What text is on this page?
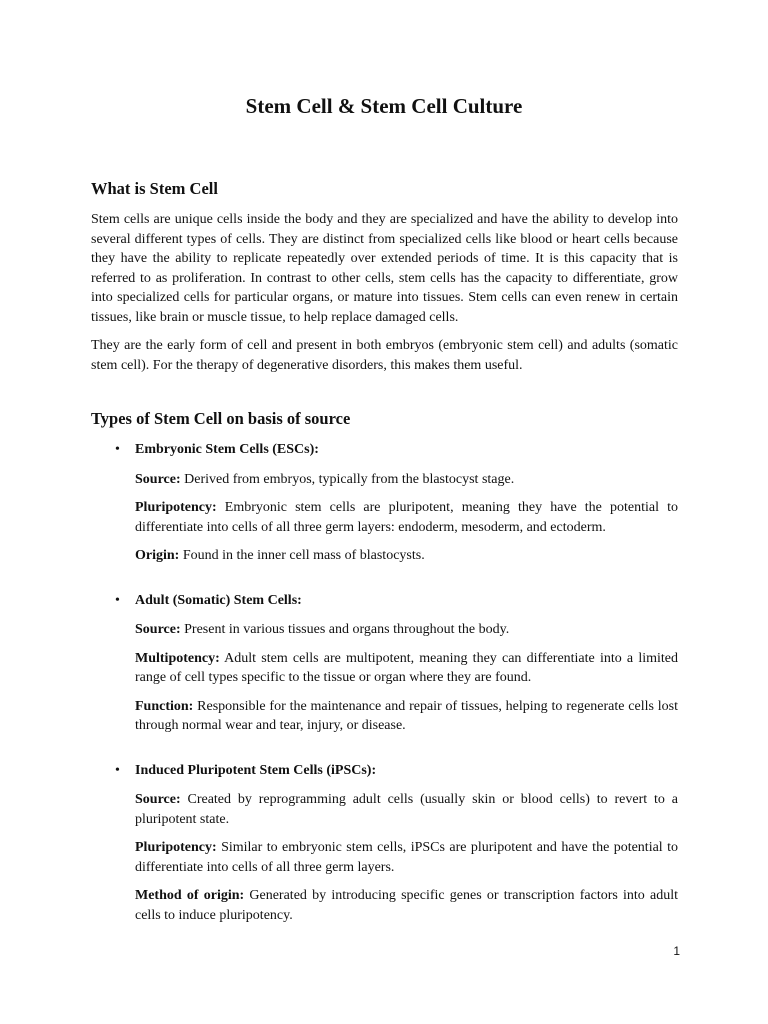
Stem Cell & Stem Cell Culture
What is Stem Cell

Stem cells are unique cells inside the body and they are specialized and have the ability to develop into several different types of cells. They are distinct from specialized cells like blood or heart cells because they have the ability to replicate repeatedly over extended periods of time. It is this capacity that is referred to as proliferation. In contrast to other cells, stem cells has the capacity to differentiate, grow into specialized cells for particular organs, or mature into tissues. Stem cells can even renew in certain tissues, like brain or muscle tissue, to help replace damaged cells.

They are the early form of cell and present in both embryos (embryonic stem cell) and adults (somatic stem cell). For the therapy of degenerative disorders, this makes them useful.

Types of Stem Cell on basis of source
• Embryonic Stem Cells (ESCs):

Source: Derived from embryos, typically from the blastocyst stage.

Pluripotency: Embryonic stem cells are pluripotent, meaning they have the potential to differentiate into cells of all three germ layers: endoderm, mesoderm, and ectoderm.

Origin: Found in the inner cell mass of blastocysts.

• Adult (Somatic) Stem Cells:

Source: Present in various tissues and organs throughout the body.

Multipotency: Adult stem cells are multipotent, meaning they can differentiate into a limited range of cell types specific to the tissue or organ where they are found.

Function: Responsible for the maintenance and repair of tissues, helping to regenerate cells lost through normal wear and tear, injury, or disease.

• Induced Pluripotent Stem Cells (iPSCs):

Source: Created by reprogramming adult cells (usually skin or blood cells) to revert to a pluripotent state.

Pluripotency: Similar to embryonic stem cells, iPSCs are pluripotent and have the potential to differentiate into cells of all three germ layers.

Method of origin: Generated by introducing specific genes or transcription factors into adult cells to induce pluripotency.

1
